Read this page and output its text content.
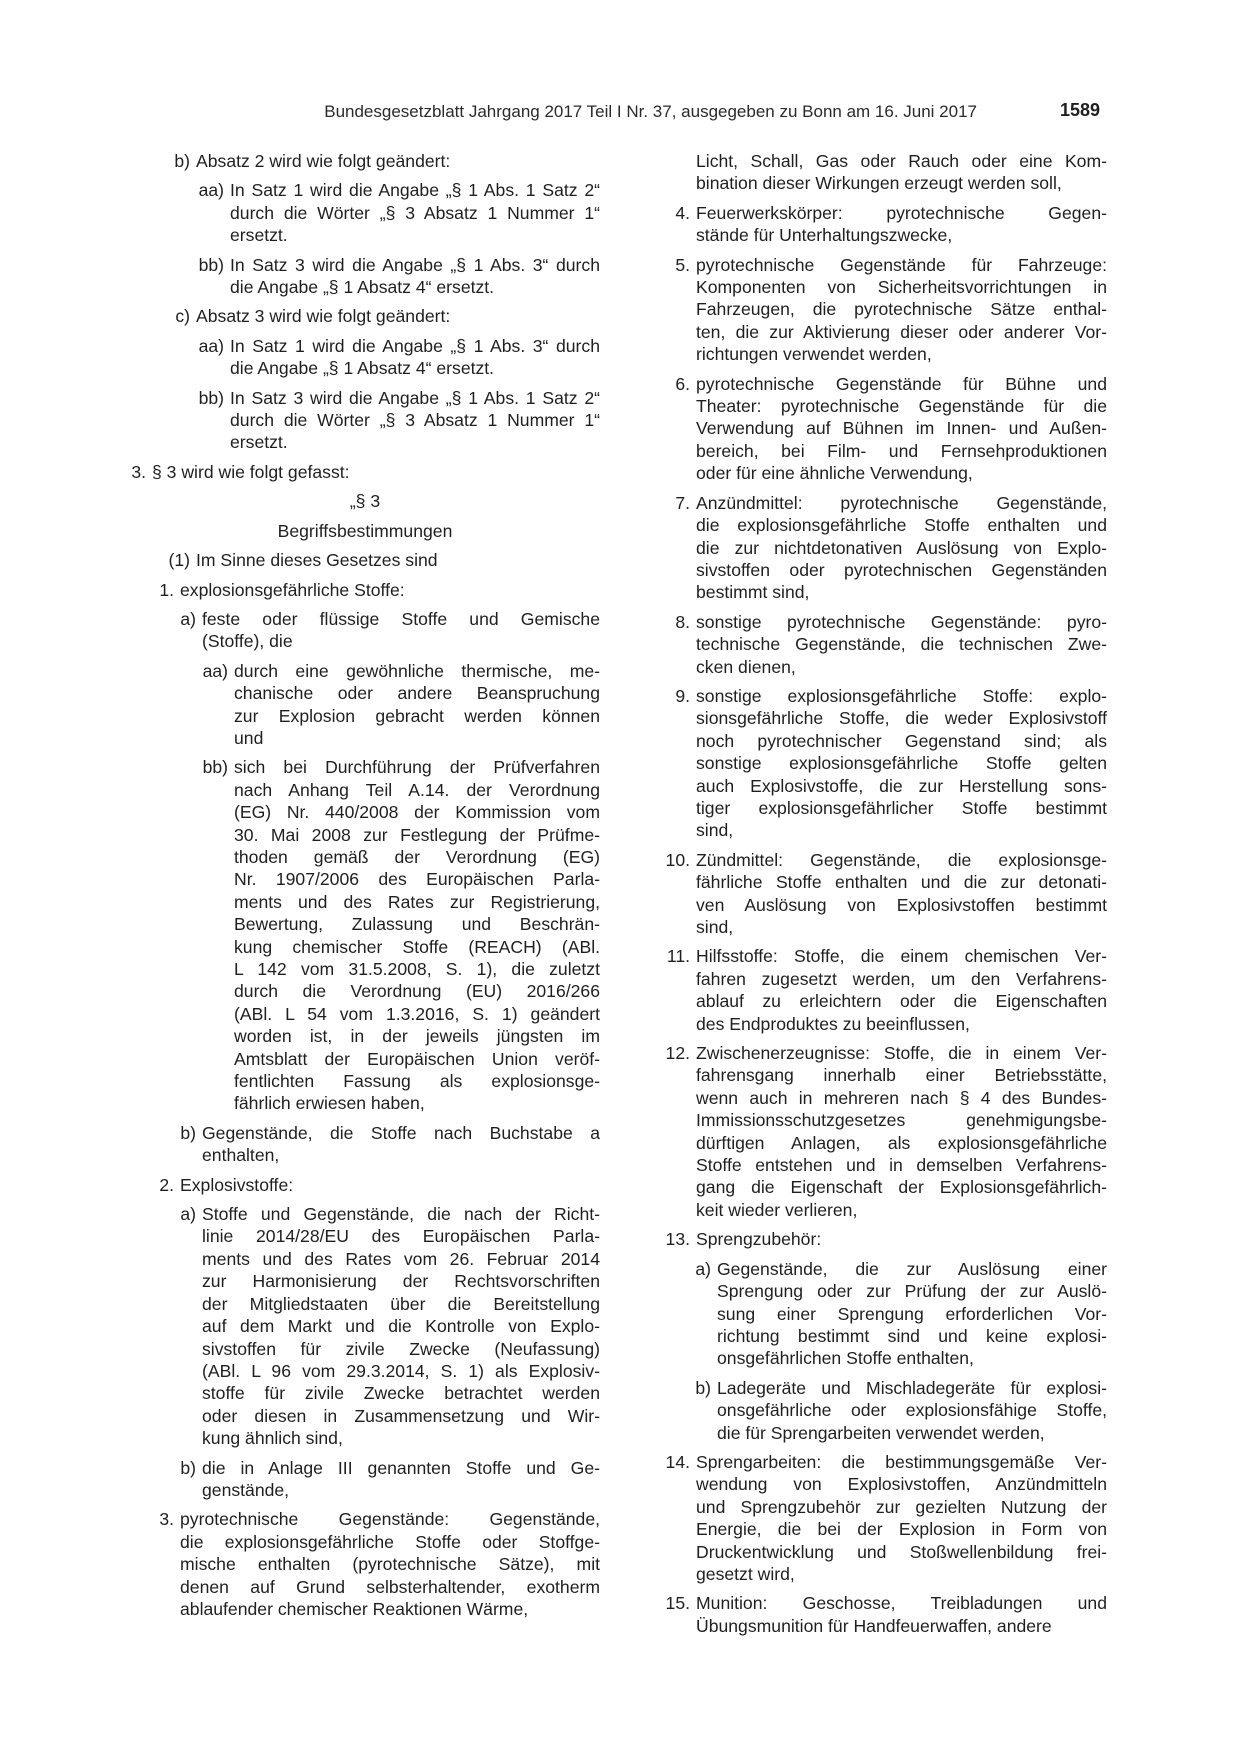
Bundesgesetzblatt Jahrgang 2017 Teil I Nr. 37, ausgegeben zu Bonn am 16. Juni 2017	1589
b) Absatz 2 wird wie folgt geändert:
aa) In Satz 1 wird die Angabe „§ 1 Abs. 1 Satz 2“
durch die Wörter „§ 3 Absatz 1 Nummer 1“
ersetzt.
bb) In Satz 3 wird die Angabe „§ 1 Abs. 3“ durch
die Angabe „§ 1 Absatz 4“ ersetzt.
c) Absatz 3 wird wie folgt geändert:
aa) In Satz 1 wird die Angabe „§ 1 Abs. 3“ durch
die Angabe „§ 1 Absatz 4“ ersetzt.
bb) In Satz 3 wird die Angabe „§ 1 Abs. 1 Satz 2“
durch die Wörter „§ 3 Absatz 1 Nummer 1“
ersetzt.
3. § 3 wird wie folgt gefasst:
„§ 3
Begriffsbestimmungen
(1) Im Sinne dieses Gesetzes sind
1. explosionsgefährliche Stoffe:
a) feste oder flüssige Stoffe und Gemische
(Stoffe), die
aa) durch eine gewöhnliche thermische, me-
chanische oder andere Beanspruchung
zur Explosion gebracht werden können
und
bb) sich bei Durchführung der Prüfverfahren
nach Anhang Teil A.14. der Verordnung
(EG) Nr. 440/2008 der Kommission vom
30. Mai 2008 zur Festlegung der Prüfme-
thoden gemäß der Verordnung (EG)
Nr. 1907/2006 des Europäischen Parla-
ments und des Rates zur Registrierung,
Bewertung, Zulassung und Beschrän-
kung chemischer Stoffe (REACH) (ABl.
L 142 vom 31.5.2008, S. 1), die zuletzt
durch die Verordnung (EU) 2016/266
(ABl. L 54 vom 1.3.2016, S. 1) geändert
worden ist, in der jeweils jüngsten im
Amtsblatt der Europäischen Union veröf-
fentlichten Fassung als explosionsge-
fährlich erwiesen haben,
b) Gegenstände, die Stoffe nach Buchstabe a
enthalten,
2. Explosivstoffe:
a) Stoffe und Gegenstände, die nach der Richt-
linie 2014/28/EU des Europäischen Parla-
ments und des Rates vom 26. Februar 2014
zur Harmonisierung der Rechtsvorschriften
der Mitgliedstaaten über die Bereitstellung
auf dem Markt und die Kontrolle von Explo-
sivstoffen für zivile Zwecke (Neufassung)
(ABl. L 96 vom 29.3.2014, S. 1) als Explosiv-
stoffe für zivile Zwecke betrachtet werden
oder diesen in Zusammensetzung und Wir-
kung ähnlich sind,
b) die in Anlage III genannten Stoffe und Ge-
genstände,
3. pyrotechnische Gegenstände: Gegenstände,
die explosionsgefährliche Stoffe oder Stoffge-
mische enthalten (pyrotechnische Sätze), mit
denen auf Grund selbsterhaltender, exotherm
ablaufender chemischer Reaktionen Wärme,
Licht, Schall, Gas oder Rauch oder eine Kom-
bination dieser Wirkungen erzeugt werden soll,
4. Feuerwerkskörper: pyrotechnische Gegen-
stände für Unterhaltungszwecke,
5. pyrotechnische Gegenstände für Fahrzeuge:
Komponenten von Sicherheitsvorrichtungen in
Fahrzeugen, die pyrotechnische Sätze enthal-
ten, die zur Aktivierung dieser oder anderer Vor-
richtungen verwendet werden,
6. pyrotechnische Gegenstände für Bühne und
Theater: pyrotechnische Gegenstände für die
Verwendung auf Bühnen im Innen- und Außen-
bereich, bei Film- und Fernsehproduktionen
oder für eine ähnliche Verwendung,
7. Anzündmittel: pyrotechnische Gegenstände,
die explosionsgefährliche Stoffe enthalten und
die zur nichtdetonativen Auslösung von Explo-
sivstoffen oder pyrotechnischen Gegenständen
bestimmt sind,
8. sonstige pyrotechnische Gegenstände: pyro-
technische Gegenstände, die technischen Zwe-
cken dienen,
9. sonstige explosionsgefährliche Stoffe: explo-
sionsgefährliche Stoffe, die weder Explosivstoff
noch pyrotechnischer Gegenstand sind; als
sonstige explosionsgefährliche Stoffe gelten
auch Explosivstoffe, die zur Herstellung sons-
tiger explosionsgefährlicher Stoffe bestimmt
sind,
10. Zündmittel: Gegenstände, die explosionsge-
fährliche Stoffe enthalten und die zur detonati-
ven Auslösung von Explosivstoffen bestimmt
sind,
11. Hilfsstoffe: Stoffe, die einem chemischen Ver-
fahren zugesetzt werden, um den Verfahrens-
ablauf zu erleichtern oder die Eigenschaften
des Endproduktes zu beeinflussen,
12. Zwischenerzeugnisse: Stoffe, die in einem Ver-
fahrensgang innerhalb einer Betriebsstätte,
wenn auch in mehreren nach § 4 des Bundes-
Immissionsschutzgesetzes genehmigungsbe-
dürftigen Anlagen, als explosionsgefährliche
Stoffe entstehen und in demselben Verfahrens-
gang die Eigenschaft der Explosionsgefährlich-
keit wieder verlieren,
13. Sprengzubehör:
a) Gegenstände, die zur Auslösung einer
Sprengung oder zur Prüfung der zur Auslö-
sung einer Sprengung erforderlichen Vor-
richtung bestimmt sind und keine explosi-
onsgefährlichen Stoffe enthalten,
b) Ladegeräte und Mischladegeräte für explosi-
onsgefährliche oder explosionsfähige Stoffe,
die für Sprengarbeiten verwendet werden,
14. Sprengarbeiten: die bestimmungsgemäße Ver-
wendung von Explosivstoffen, Anzündmitteln
und Sprengzubehör zur gezielten Nutzung der
Energie, die bei der Explosion in Form von
Druckentwicklung und Stoßwellenbildung frei-
gesetzt wird,
15. Munition: Geschosse, Treibladungen und
Übungsmunition für Handfeuerwaffen, andere
